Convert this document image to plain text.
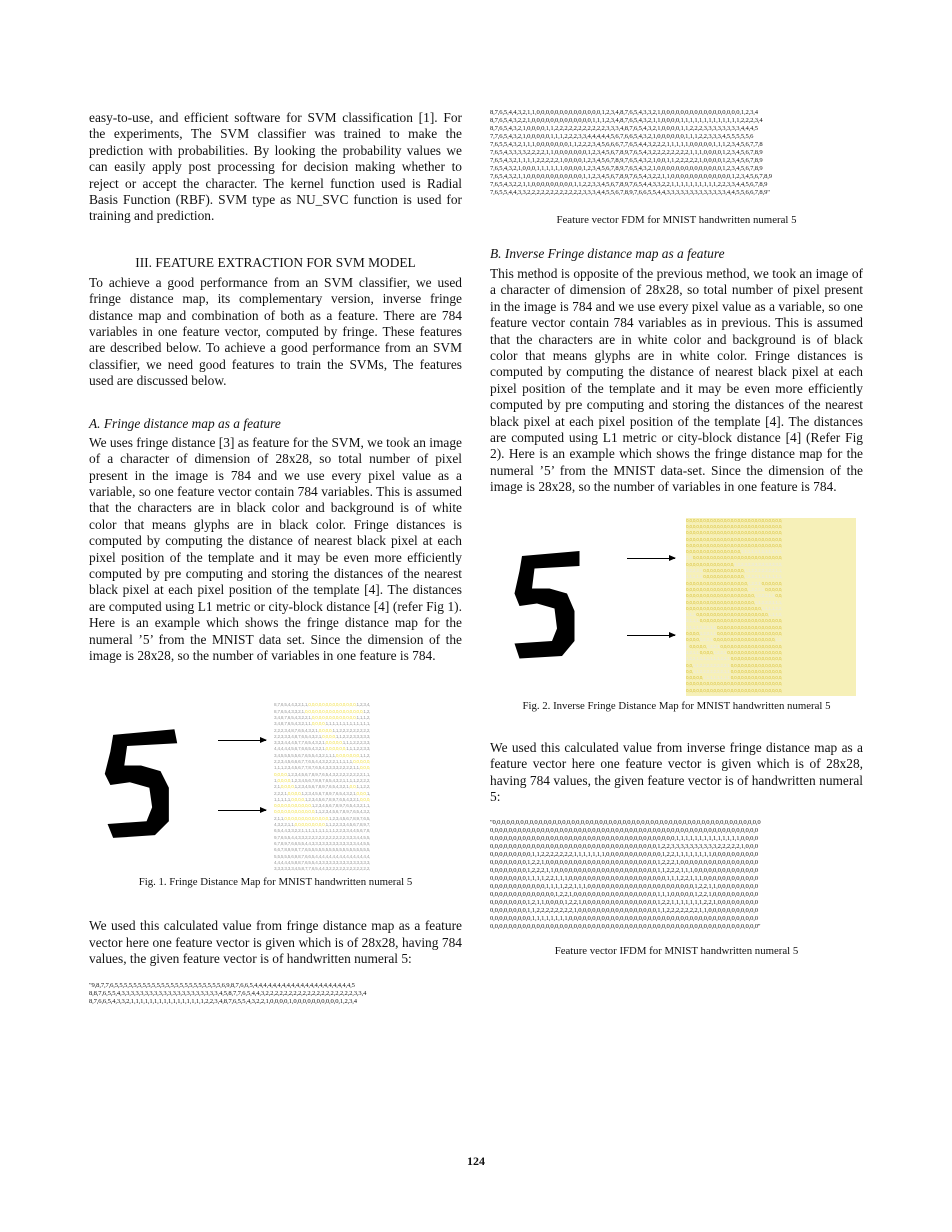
easy-to-use, and efficient software for SVM classification [1]. For the experiments, The SVM classifier was trained to make the prediction with probabilities. By looking the probability values we can easily apply post processing for decision making whether to reject or accept the character. The kernel function used is Radial Basis Function (RBF). SVM type as NU_SVC function is used for training and prediction.

III. FEATURE EXTRACTION FOR SVM MODEL

To achieve a good performance from an SVM classifier, we used fringe distance map, its complementary version, inverse fringe distance map and combination of both as a feature. There are 784 variables in one feature vector, computed by fringe. These features are described below. To achieve a good performance from an SVM classifier, we need good features to train the SVMs, The features used are discussed below.

A. Fringe distance map as a feature

We uses fringe distance [3] as feature for the SVM, we took an image of a character of dimension of 28x28, so total number of pixel present in the image is 784 and we use every pixel value as a variable, so one feature vector contain 784 variables. This is assumed that the characters are in black color and background is of white color that means glyphs are in black color. Fringe distances is computed by computing the distance of nearest black pixel at each pixel position of the template and it may be even more efficiently computed by pre computing and storing the distances of the nearest black pixel at each pixel position of the template [4]. The distances are computed using L1 metric or city-block distance [4] (refer Fig 1). Here is an example which shows the fringe distance map for the numeral ’5’ from the MNIST data set. Since the dimension of the image is 28x28, so the number of variables in one feature is 784.

8,7,6,5,4,4,3,2,1,1,0,0,0,0,0,0,0,0,0,0,0,0,0,0,1,2,3,4,
8,7,6,5,4,3,3,2,1,0,0,0,0,0,0,0,0,0,0,0,0,0,0,0,0,0,1,2,
3,4,8,7,6,5,4,3,2,2,1,0,0,0,0,0,0,0,0,0,0,0,0,0,1,1,1,2,
3,4,8,7,6,5,4,3,2,1,1,0,0,0,0,1,1,1,1,1,1,1,1,1,1,1,1,1,
2,2,2,3,4,8,7,6,5,4,3,2,1,0,0,0,0,1,1,2,2,2,2,2,2,2,2,2,
2,2,3,3,3,4,8,7,6,5,4,3,2,1,0,0,0,0,1,1,2,2,2,3,3,3,3,3,
3,3,3,4,4,4,5,7,7,6,5,4,3,2,1,0,0,0,0,0,1,1,1,2,2,2,3,3,
4,4,4,4,4,5,6,7,6,6,5,4,3,2,1,0,0,0,0,0,0,1,1,1,2,2,3,3,
3,4,5,5,5,5,5,6,7,6,5,5,4,3,2,1,1,1,0,0,0,0,0,0,0,1,1,2,
2,2,3,4,5,6,6,6,7,7,6,5,4,4,3,2,2,2,1,1,1,1,1,0,0,0,0,0,
1,1,1,2,3,4,5,6,7,7,8,7,6,5,4,3,3,3,3,2,2,2,2,1,1,0,0,0,
0,0,0,0,1,2,3,4,5,6,7,8,9,7,6,5,4,3,2,2,2,2,2,2,2,2,1,1,
1,0,0,0,0,1,2,3,4,5,6,7,8,9,7,6,5,4,3,2,1,1,1,1,2,2,2,2,
2,1,0,0,0,0,1,2,3,4,5,6,7,8,9,7,6,5,4,3,2,1,0,0,1,1,2,2,
2,2,2,1,0,0,0,0,1,2,3,4,5,6,7,8,9,7,6,5,4,3,2,1,0,0,0,1,
1,1,1,1,1,0,0,0,0,1,2,3,4,5,6,7,8,9,7,6,5,4,3,2,1,0,0,0,
0,0,0,0,0,0,0,0,0,0,0,1,2,3,4,5,6,7,8,9,7,6,5,4,3,2,1,1,
0,0,0,0,0,0,0,0,0,0,0,0,1,1,2,3,4,5,6,7,8,9,7,6,5,4,3,2,
2,1,1,0,0,0,0,0,0,0,0,0,0,0,0,0,1,2,3,4,5,6,7,8,9,7,6,5,
4,3,2,2,1,1,0,0,0,0,0,0,0,0,0,1,1,2,2,3,3,4,5,6,7,8,9,7,
6,5,4,4,3,3,2,2,1,1,1,1,1,1,1,1,1,1,2,2,3,3,4,4,5,6,7,8,
9,7,6,5,5,4,4,3,3,2,2,2,2,2,2,2,2,2,2,2,2,3,3,3,4,4,5,5,
6,7,8,9,7,6,6,5,5,4,4,3,3,3,3,3,3,3,3,3,3,3,3,3,4,4,5,5,
6,6,7,8,9,9,8,7,7,6,5,5,5,5,5,5,5,5,5,5,5,5,5,5,5,5,5,5,
5,5,5,5,5,6,9,8,7,6,6,5,4,4,4,4,4,4,4,4,4,4,4,4,4,4,4,4,
4,4,4,4,4,5,8,8,7,6,5,5,4,3,3,3,3,3,3,3,3,3,3,3,3,3,3,3,
3,3,3,3,3,3,4,5,8,7,7,6,5,4,4,3,2,2,2,2,2,2,2,2,2,2,2,2,

Fig. 1. Fringe Distance Map for MNIST handwritten numeral 5

We used this calculated value from fringe distance map as a feature vector here one feature vector is given which is of 28x28, having 784 values, the given feature vector is of handwritten numeral 5:

"9,8,7,7,6,5,5,5,5,5,5,5,5,5,5,5,5,5,5,5,5,5,5,5,5,5,5,5,6,9,8,7,6,6,5,4,4,4,4,4,4,4,4,4,4,4,4,4,4,4,4,4,4,4,4,4,5

8,8,7,6,5,5,4,3,3,3,3,3,3,3,3,3,3,3,3,3,3,3,3,3,3,3,3,3,4,5,8,7,7,6,5,4,4,3,2,2,2,2,2,2,2,2,2,2,2,2,2,2,2,2,2,2,2,3,3,4

8,7,6,6,5,4,3,3,2,1,1,1,1,1,1,1,1,1,1,1,1,1,1,1,1,2,2,3,4,8,7,6,5,5,4,3,2,2,1,0,0,0,0,1,0,0,0,0,0,0,0,0,0,0,1,2,3,4

8,7,6,5,4,4,3,2,1,1,0,0,0,0,0,0,0,0,0,0,0,0,0,0,1,2,3,4,8,7,6,5,4,3,3,2,1,0,0,0,0,0,0,0,0,0,0,0,0,0,0,0,0,0,1,2,3,4

8,7,6,5,4,3,2,2,1,0,0,0,0,0,0,0,0,0,0,0,0,0,1,1,1,2,3,4,8,7,6,5,4,3,2,1,1,0,0,0,0,1,1,1,1,1,1,1,1,1,1,1,1,1,2,2,2,3,4

8,7,6,5,4,3,2,1,0,0,0,0,1,1,2,2,2,2,2,2,2,2,2,2,2,3,3,3,4,8,7,6,5,4,3,2,1,0,0,0,0,1,1,2,2,2,3,3,3,3,3,3,3,3,4,4,4,5

7,7,6,5,4,3,2,1,0,0,0,0,0,1,1,1,2,2,2,3,3,4,4,4,4,4,5,6,7,6,6,5,4,3,2,1,0,0,0,0,0,0,1,1,1,2,2,3,3,3,4,5,5,5,5,5,6

7,6,5,5,4,3,2,1,1,1,0,0,0,0,0,0,0,1,1,2,2,2,3,4,5,6,6,6,7,7,6,5,4,4,3,2,2,2,1,1,1,1,1,0,0,0,0,0,1,1,1,2,3,4,5,6,7,7,8

7,6,5,4,3,3,3,3,2,2,2,2,1,1,0,0,0,0,0,0,0,1,2,3,4,5,6,7,8,9,7,6,5,4,3,2,2,2,2,2,2,2,2,1,1,1,0,0,0,0,1,2,3,4,5,6,7,8,9

7,6,5,4,3,2,1,1,1,1,2,2,2,2,2,1,0,0,0,0,1,2,3,4,5,6,7,8,9,7,6,5,4,3,2,1,0,0,1,1,2,2,2,2,2,1,0,0,0,0,1,2,3,4,5,6,7,8,9

7,6,5,4,3,2,1,0,0,0,1,1,1,1,1,1,0,0,0,0,1,2,3,4,5,6,7,8,9,7,6,5,4,3,2,1,0,0,0,0,0,0,0,0,0,0,0,0,0,0,1,2,3,4,5,6,7,8,9

7,6,5,4,3,2,1,1,0,0,0,0,0,0,0,0,0,0,0,0,1,1,2,3,4,5,6,7,8,9,7,6,5,4,3,2,2,1,1,0,0,0,0,0,0,0,0,0,0,0,0,0,1,2,3,4,5,6,7,8,9

7,6,5,4,3,2,2,1,1,0,0,0,0,0,0,0,0,0,1,1,2,2,3,3,4,5,6,7,8,9,7,6,5,4,4,3,3,2,2,1,1,1,1,1,1,1,1,1,1,2,2,3,3,4,4,5,6,7,8,9

7,6,5,5,4,4,3,3,2,2,2,2,2,2,2,2,2,2,2,2,3,3,3,4,4,5,5,6,7,8,9,7,6,6,5,5,4,4,3,3,3,3,3,3,3,3,3,3,3,3,3,4,4,5,5,6,6,7,8,9"

Feature vector FDM for MNIST handwritten numeral 5

B. Inverse Fringe distance map as a feature

This method is opposite of the previous method, we took an image of a character of dimension of 28x28, so total number of pixel present in the image is 784 and we use every pixel value as a variable, so one feature vector contain 784 variables as in previous. This is assumed that the characters are in white color and background is of black color that means glyphs are in white color. Fringe distances is computed by computing the distance of nearest black pixel at each pixel position of the template and it may be even more efficiently computed by pre computing and storing the distances of the nearest black pixel at each pixel position of the template [4]. The distances are computed using L1 metric or city-block distance [4] (Refer Fig 2). Here is an example which shows the fringe distance map for the numeral ’5’ from the MNIST data-set. Since the dimension of the image is 28x28, so the number of variables in one feature is 784.

0,0,0,0,0,0,0,0,0,0,0,0,0,0,0,0,0,0,0,0,0,0,0,0,0,0,0,0,
0,0,0,0,0,0,0,0,0,0,0,0,0,0,0,0,0,0,0,0,0,0,0,0,0,0,0,0,
0,0,0,0,0,0,0,0,0,0,0,0,0,0,0,0,0,0,0,0,0,0,0,0,0,0,0,0,
0,0,0,0,0,0,0,0,0,0,0,0,0,0,0,0,0,0,0,0,0,0,0,0,0,0,0,0,
0,0,0,0,0,0,0,0,0,0,0,0,0,0,0,0,0,0,0,0,0,0,0,0,0,0,0,0,
0,0,0,0,0,0,0,0,0,0,0,0,0,0,0,0,1,1,1,1,1,1,1,1,1,1,1,1,
1,1,0,0,0,0,0,0,0,0,0,0,0,0,0,0,0,0,0,0,0,0,0,0,0,0,0,0,
0,0,0,0,0,0,0,0,0,0,0,0,0,0,1,2,2,3,3,3,3,3,3,3,3,3,3,2,
2,2,2,2,1,0,0,0,0,0,0,0,0,0,0,0,0,1,1,2,2,2,2,2,2,2,1,1,
1,1,1,1,1,0,0,0,0,0,0,0,0,0,0,0,0,1,2,2,1,1,1,1,1,1,1,1,
0,0,0,0,0,0,0,0,0,0,0,0,0,0,0,0,0,0,1,2,2,1,0,0,0,0,0,0,
0,0,0,0,0,0,0,0,0,0,0,0,0,0,0,0,0,0,1,2,2,2,1,0,0,0,0,0,
0,0,0,0,0,0,0,0,0,0,0,0,0,0,0,0,0,0,0,0,1,2,2,2,1,1,0,0,
0,0,0,0,0,0,0,0,0,0,0,0,0,0,0,0,0,0,0,0,1,1,2,2,2,1,1,1,
0,0,0,0,0,0,0,0,0,0,0,0,0,0,0,0,0,0,0,0,0,0,1,1,1,1,2,2,
1,1,1,0,0,0,0,0,0,0,0,0,0,0,0,0,0,0,0,0,0,0,0,0,1,1,1,2,
2,1,1,1,0,0,0,0,0,0,0,0,0,0,0,0,0,0,0,0,0,0,0,0,0,0,0,0,
1,1,1,1,2,2,1,1,1,0,0,0,0,0,0,0,0,0,0,0,0,0,0,0,0,0,0,0,
0,0,0,0,1,2,2,1,1,0,0,0,0,0,0,0,0,0,0,0,0,0,0,0,0,0,0,0,
0,0,0,0,1,2,2,1,0,0,0,0,0,0,0,0,0,0,0,0,0,0,0,0,0,0,1,1,
1,0,0,0,0,0,1,2,2,1,0,0,0,0,0,0,0,0,0,0,0,0,0,0,0,0,0,0,
1,2,1,1,0,0,0,0,1,2,2,1,0,0,0,0,0,0,0,0,0,0,0,0,0,0,0,0,
1,2,2,1,1,1,1,1,1,1,2,2,1,0,0,0,0,0,0,0,0,0,0,0,0,0,0,0,
0,0,1,1,2,2,2,2,2,2,2,2,1,0,0,0,0,0,0,0,0,0,0,0,0,0,0,0,
0,0,1,1,2,2,2,2,2,2,2,1,1,0,0,0,0,0,0,0,0,0,0,0,0,0,0,0,
0,0,0,0,0,1,1,1,1,1,1,1,1,0,0,0,0,0,0,0,0,0,0,0,0,0,0,0,
0,0,0,0,0,0,0,0,0,0,0,0,0,0,0,0,0,0,0,0,0,0,0,0,0,0,0,0,
0,0,0,0,0,0,0,0,0,0,0,0,0,0,0,0,0,0,0,0,0,0,0,0,0,0,0,0,

Fig. 2. Inverse Fringe Distance Map for MNIST handwritten numeral 5

We used this calculated value from inverse fringe distance map as a feature vector here one feature vector is given which is of 28x28, having 784 values, the given feature vector is of handwritten numeral 5:

"0,0,0,0,0,0,0,0,0,0,0,0,0,0,0,0,0,0,0,0,0,0,0,0,0,0,0,0,0,0,0,0,0,0,0,0,0,0,0,0,0,0,0,0,0,0,0,0,0,0,0,0,0,0,0,0,0,0

0,0,0,0,0,0,0,0,0,0,0,0,0,0,0,0,0,0,0,0,0,0,0,0,0,0,0,0,0,0,0,0,0,0,0,0,0,0,0,0,0,0,0,0,0,0,0,0,0,0,0,0,0,0,0,0,0,0

0,0,0,0,0,0,0,0,0,0,0,0,0,0,0,0,0,0,0,0,0,0,0,0,0,0,0,0,0,0,0,0,0,0,0,0,0,0,0,0,1,1,1,1,1,1,1,1,1,1,1,1,1,1,0,0,0,0

0,0,0,0,0,0,0,0,0,0,0,0,0,0,0,0,0,0,0,0,0,0,0,0,0,0,0,0,0,0,0,0,0,0,0,0,1,2,2,3,3,3,3,3,3,3,3,3,3,2,2,2,2,2,1,0,0,0

0,0,0,0,0,0,0,0,0,1,1,2,2,2,2,2,2,2,1,1,1,1,1,1,1,0,0,0,0,0,0,0,0,0,0,0,0,1,2,2,1,1,1,1,1,1,1,1,0,0,0,0,0,0,0,0,0,0

0,0,0,0,0,0,0,0,1,2,2,1,0,0,0,0,0,0,0,0,0,0,0,0,0,0,0,0,0,0,0,0,0,0,0,0,1,2,2,2,1,0,0,0,0,0,0,0,0,0,0,0,0,0,0,0,0,0

0,0,0,0,0,0,0,0,1,2,2,2,1,1,0,0,0,0,0,0,0,0,0,0,0,0,0,0,0,0,0,0,0,0,0,0,1,1,2,2,2,1,1,1,0,0,0,0,0,0,0,0,0,0,0,0,0,0

0,0,0,0,0,0,0,0,1,1,1,1,2,2,1,1,1,0,0,0,0,0,0,0,0,0,0,0,0,0,0,0,0,0,0,0,0,0,1,1,1,2,2,1,1,1,0,0,0,0,0,0,0,0,0,0,0,0

0,0,0,0,0,0,0,0,0,0,0,0,1,1,1,1,2,2,1,1,1,0,0,0,0,0,0,0,0,0,0,0,0,0,0,0,0,0,0,0,0,0,0,0,1,2,2,1,1,0,0,0,0,0,0,0,0,0

0,0,0,0,0,0,0,0,0,0,0,0,0,0,1,2,2,1,0,0,0,0,0,0,0,0,0,0,0,0,0,0,0,0,0,0,1,1,1,0,0,0,0,0,1,2,2,1,0,0,0,0,0,0,0,0,0,0

0,0,0,0,0,0,0,0,1,2,1,1,0,0,0,0,1,2,2,1,0,0,0,0,0,0,0,0,0,0,0,0,0,0,0,0,1,2,2,1,1,1,1,1,1,1,2,2,1,0,0,0,0,0,0,0,0,0

0,0,0,0,0,0,0,0,1,1,2,2,2,2,2,2,2,2,1,0,0,0,0,0,0,0,0,0,0,0,0,0,0,0,0,0,1,1,2,2,2,2,2,2,2,1,1,0,0,0,0,0,0,0,0,0,0,0

0,0,0,0,0,0,0,0,0,1,1,1,1,1,1,1,1,0,0,0,0,0,0,0,0,0,0,0,0,0,0,0,0,0,0,0,0,0,0,0,0,0,0,0,0,0,0,0,0,0,0,0,0,0,0,0,0,0

0,0,0,0,0,0,0,0,0,0,0,0,0,0,0,0,0,0,0,0,0,0,0,0,0,0,0,0,0,0,0,0,0,0,0,0,0,0,0,0,0,0,0,0,0,0,0,0,0,0,0,0,0,0,0,0,0,0"

Feature vector IFDM for MNIST handwritten numeral 5

124
